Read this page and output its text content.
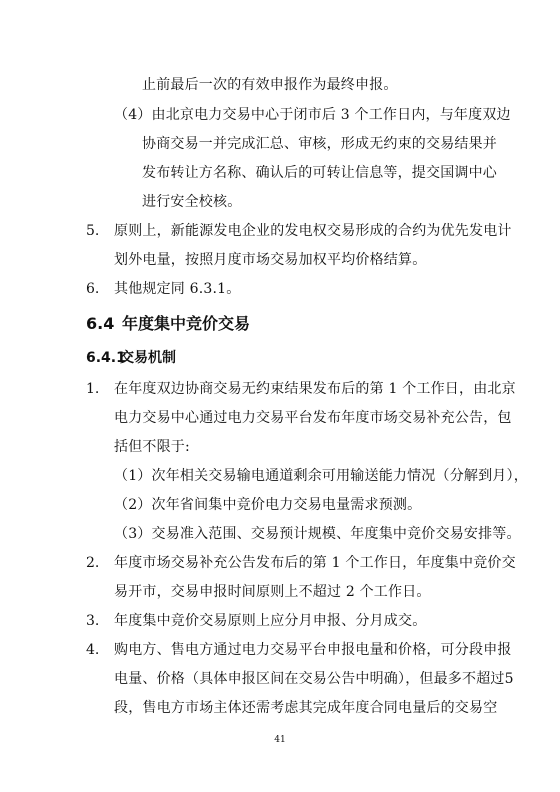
止前最后一次的有效申报作为最终申报。
（4）由北京电力交易中心于闭市后 3 个工作日内，与年度双边
协商交易一并完成汇总、审核，形成无约束的交易结果并
发布转让方名称、确认后的可转让信息等，提交国调中心
进行安全校核。
5. 原则上，新能源发电企业的发电权交易形成的合约为优先发电计
划外电量，按照月度市场交易加权平均价格结算。
6. 其他规定同 6.3.1。
6.4 年度集中竞价交易
6.4.1交易机制
1. 在年度双边协商交易无约束结果发布后的第 1 个工作日，由北京
电力交易中心通过电力交易平台发布年度市场交易补充公告，包
括但不限于:
（1）次年相关交易输电通道剩余可用输送能力情况（分解到月），
（2）次年省间集中竞价电力交易电量需求预测。
（3）交易准入范围、交易预计规模、年度集中竞价交易安排等。
2. 年度市场交易补充公告发布后的第 1 个工作日，年度集中竞价交
易开市，交易申报时间原则上不超过 2 个工作日。
3. 年度集中竞价交易原则上应分月申报、分月成交。
4. 购电方、售电方通过电力交易平台申报电量和价格，可分段申报
电量、价格（具体申报区间在交易公告中明确），但最多不超过5
段，售电方市场主体还需考虑其完成年度合同电量后的交易空
41
